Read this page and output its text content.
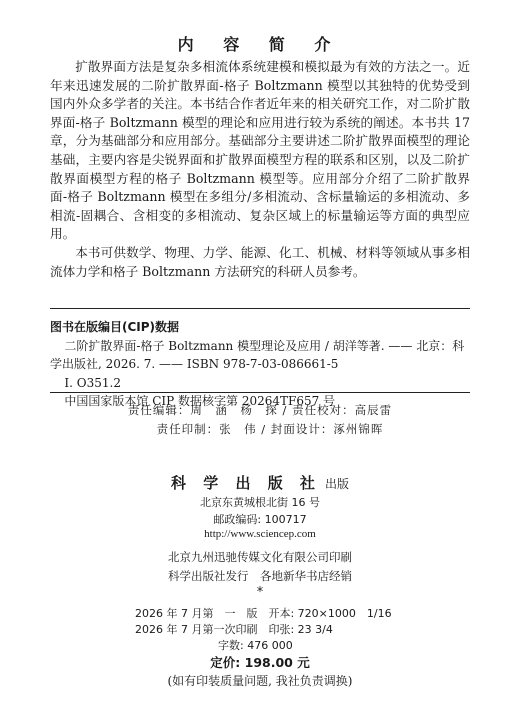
内 容 简 介

扩散界面方法是复杂多相流体系统建模和模拟最为有效的方法之一。近年来迅速发展的二阶扩散界面-格子 Boltzmann 模型以其独特的优势受到国内外众多学者的关注。本书结合作者近年来的相关研究工作，对二阶扩散界面-格子 Boltzmann 模型的理论和应用进行较为系统的阐述。本书共 17 章，分为基础部分和应用部分。基础部分主要讲述二阶扩散界面模型的理论基础，主要内容是尖锐界面和扩散界面模型方程的联系和区别，以及二阶扩散界面模型方程的格子 Boltzmann 模型等。应用部分介绍了二阶扩散界面-格子 Boltzmann 模型在多组分/多相流动、含标量输运的多相流动、多相流-固耦合、含相变的多相流动、复杂区域上的标量输运等方面的典型应用。

本书可供数学、物理、力学、能源、化工、机械、材料等领域从事多相流体力学和格子 Boltzmann 方法研究的科研人员参考。

图书在版编目(CIP)数据
二阶扩散界面-格子 Boltzmann 模型理论及应用 / 胡洋等著. —— 北京：科学出版社, 2026. 7. —— ISBN 978-7-03-086661-5
Ⅰ. O351.2
中国国家版本馆 CIP 数据核字第 20264TF657 号
责任编辑：周　涵　杨　探 / 责任校对：高辰雷
责任印制：张　伟 / 封面设计：涿州锦晖
科 学 出 版 社 出版
北京东黄城根北街 16 号
邮政编码: 100717
http://www.sciencep.com
北京九州迅驰传媒文化有限公司印刷
科学出版社发行　各地新华书店经销
*
2026 年 7 月第　一　版　开本: 720×1000　1/16
2026 年 7 月第一次印刷　印张: 23 3/4
字数: 476 000
定价: 198.00 元
(如有印装质量问题, 我社负责调换)
